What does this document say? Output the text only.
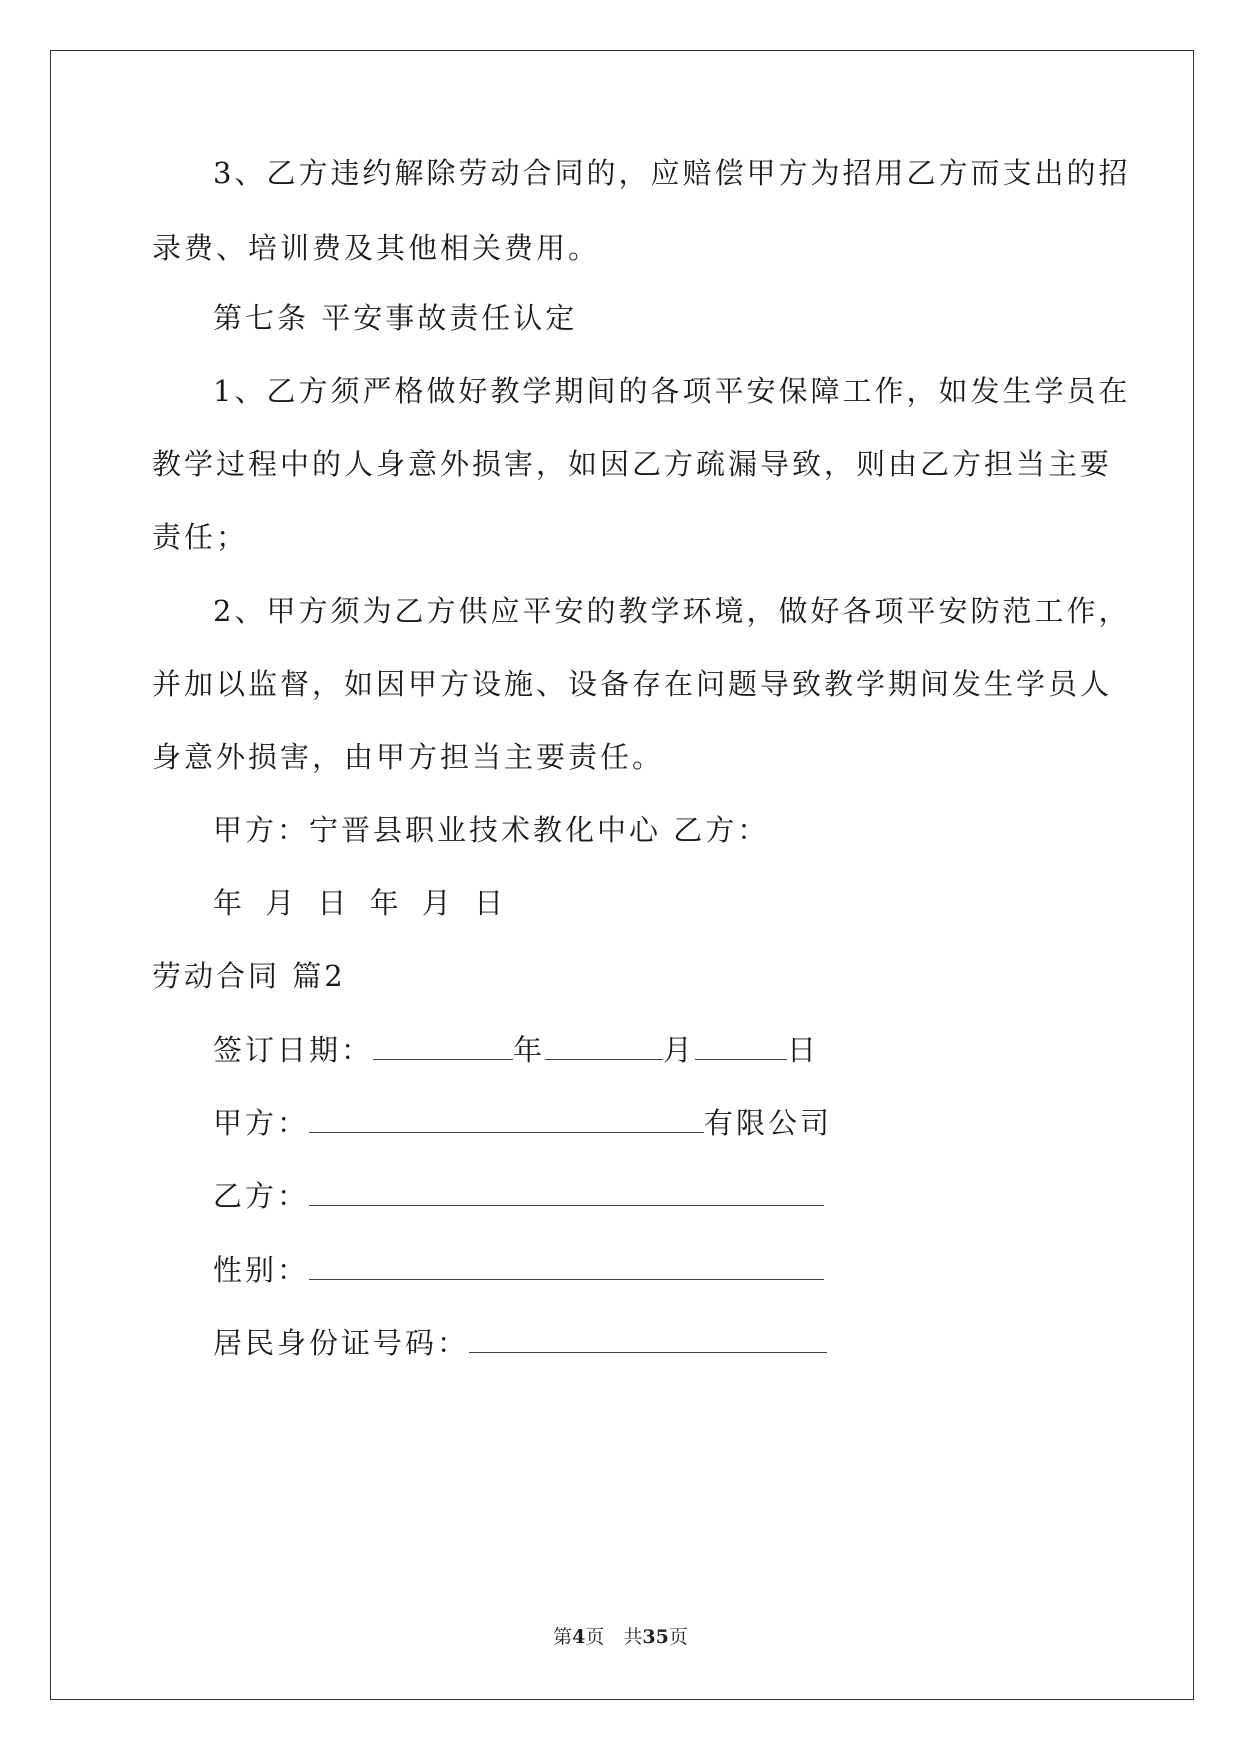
3、乙方违约解除劳动合同的，应赔偿甲方为招用乙方而支出的招
录费、培训费及其他相关费用。
第七条 平安事故责任认定
1、乙方须严格做好教学期间的各项平安保障工作，如发生学员在
教学过程中的人身意外损害，如因乙方疏漏导致，则由乙方担当主要
责任；
2、甲方须为乙方供应平安的教学环境，做好各项平安防范工作，
并加以监督，如因甲方设施、设备存在问题导致教学期间发生学员人
身意外损害，由甲方担当主要责任。
甲方：宁晋县职业技术教化中心 乙方：
年 月 日 年 月 日
劳动合同 篇2
签订日期：	年	月	日
甲方：	有限公司
乙方：
性别：
居民身份证号码：
第4页　共35页
